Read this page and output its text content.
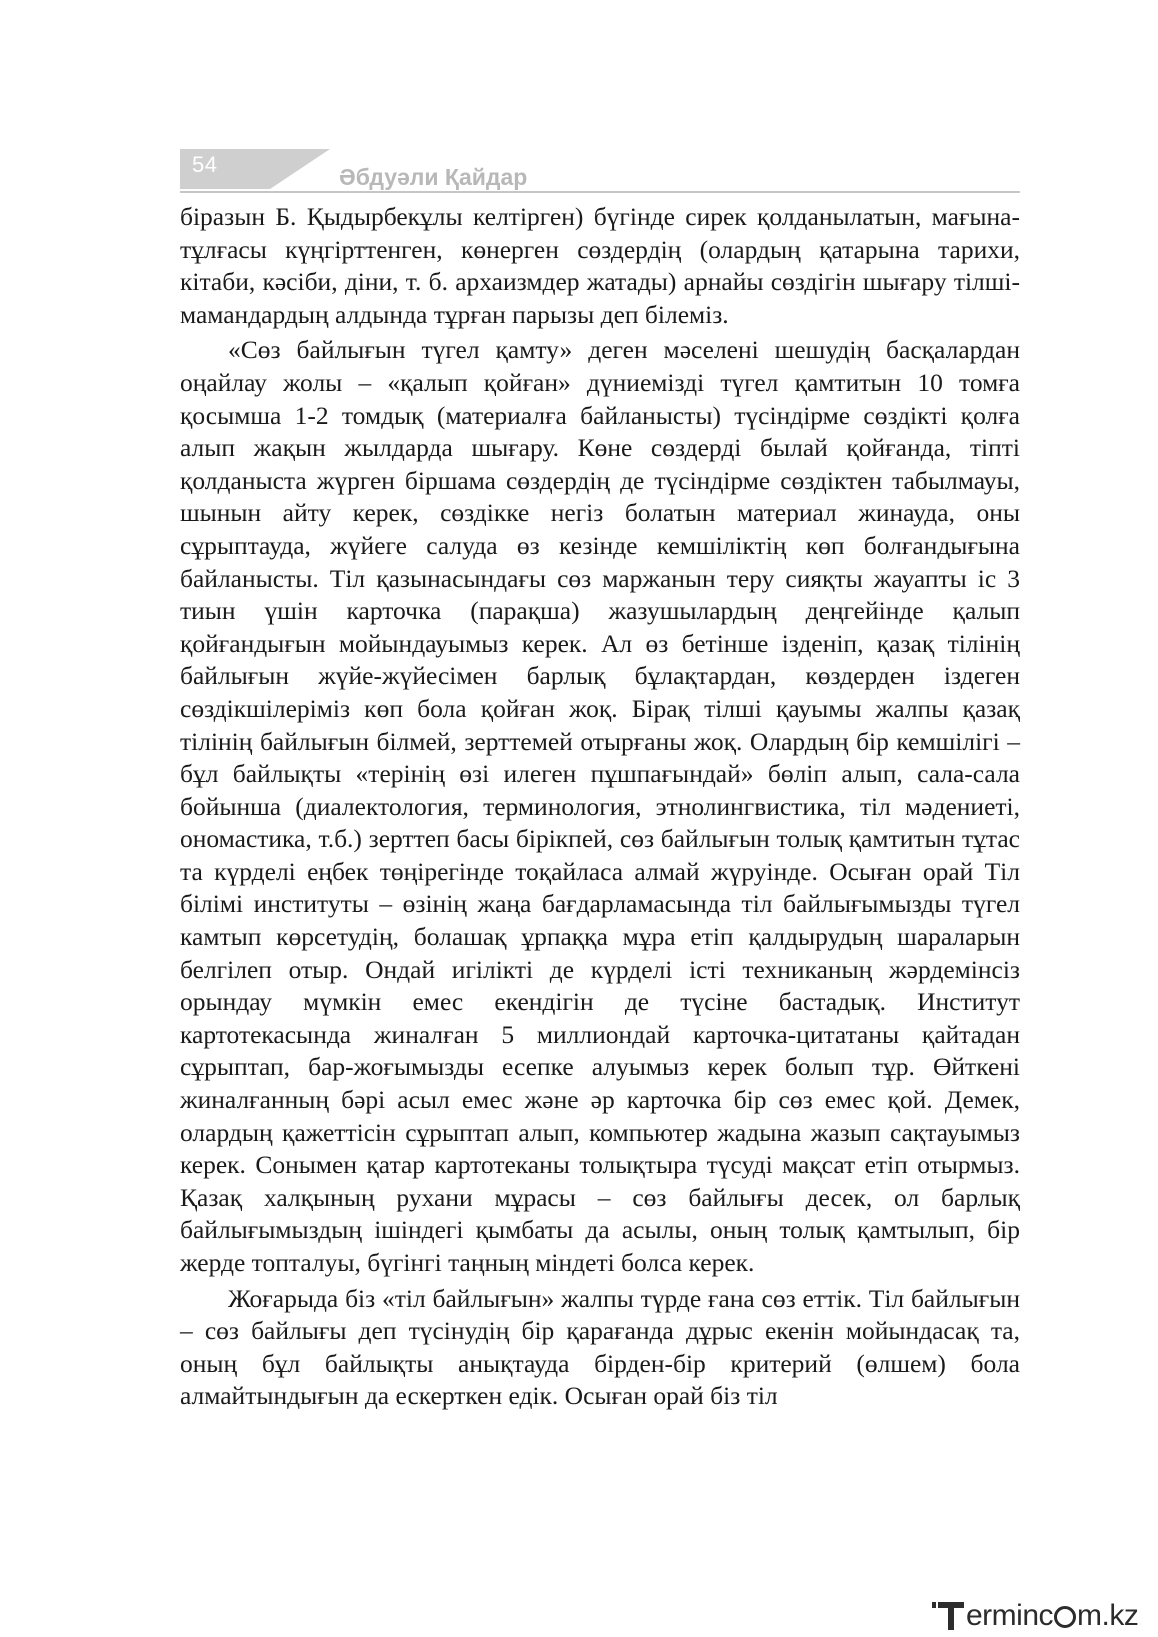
54	Әбдуәли Қайдар

біразын Б. Қыдырбекұлы келтірген) бүгінде сирек қолданылатын, мағына-тұлғасы күңгірттенген, көнерген сөздердің (олардың қатарына тарихи, кітаби, кәсіби, діни, т. б. архаизмдер жатады) арнайы сөздігін шығару тілші-мамандардың алдында тұрған парызы деп білеміз.

«Сөз байлығын түгел қамту» деген мәселені шешудің басқалардан оңайлау жолы – «қалып қойған» дүниемізді түгел қамтитын 10 томға қосымша 1-2 томдық (материалға байланысты) түсіндірме сөздікті қолға алып жақын жылдарда шығару. Көне сөздерді былай қойғанда, тіпті қолданыста жүрген біршама сөздердің де түсіндірме сөздіктен табылмауы, шынын айту керек, сөздікке негіз болатын материал жинауда, оны сұрыптауда, жүйеге салуда өз кезінде кемшіліктің көп болғандығына байланысты. Тіл қазынасындағы сөз маржанын теру сияқты жауапты іс 3 тиын үшін карточка (парақша) жазушылардың деңгейінде қалып қойғандығын мойындауымыз керек. Ал өз бетінше ізденіп, қазақ тілінің байлығын жүйе-жүйесімен барлық бұлақтардан, көздерден іздеген сөздікшілеріміз көп бола қойған жоқ. Бірақ тілші қауымы жалпы қазақ тілінің байлығын білмей, зерттемей отырғаны жоқ. Олардың бір кемшілігі – бұл байлықты «терінің өзі илеген пұшпағындай» бөліп алып, сала-сала бойынша (диалектология, терминология, этнолингвистика, тіл мәдениеті, ономастика, т.б.) зерттеп басы бірікпей, сөз байлығын толық қамтитын тұтас та күрделі еңбек төңірегінде тоқайласа алмай жүруінде. Осыған орай Тіл білімі институты – өзінің жаңа бағдарламасында тіл байлығымызды түгел камтып көрсетудің, болашақ ұрпаққа мұра етіп қалдырудың шараларын белгілеп отыр. Ондай игілікті де күрделі істі техниканың жәрдемінсіз орындау мүмкін емес екендігін де түсіне бастадық. Институт картотекасында жиналған 5 миллиондай карточка-цитатаны қайтадан сұрыптап, бар-жоғымызды есепке алуымыз керек болып тұр. Өйткені жиналғанның бәрі асыл емес және әр карточка бір сөз емес қой. Демек, олардың қажеттісін сұрыптап алып, компьютер жадына жазып сақтауымыз керек. Сонымен қатар картотеканы толықтыра түсуді мақсат етіп отырмыз. Қазақ халқының рухани мұрасы – сөз байлығы десек, ол барлық байлығымыздың ішіндегі қымбаты да асылы, оның толық қамтылып, бір жерде топталуы, бүгінгі таңның міндеті болса керек.

Жоғарыда біз «тіл байлығын» жалпы түрде ғана сөз еттік. Тіл байлығын – сөз байлығы деп түсінудің бір қарағанда дұрыс екенін мойындасақ та, оның бұл байлықты анықтауда бірден-бір критерий (өлшем) бола алмайтындығын да ескерткен едік. Осыған орай біз тіл

ermin c m.kz
